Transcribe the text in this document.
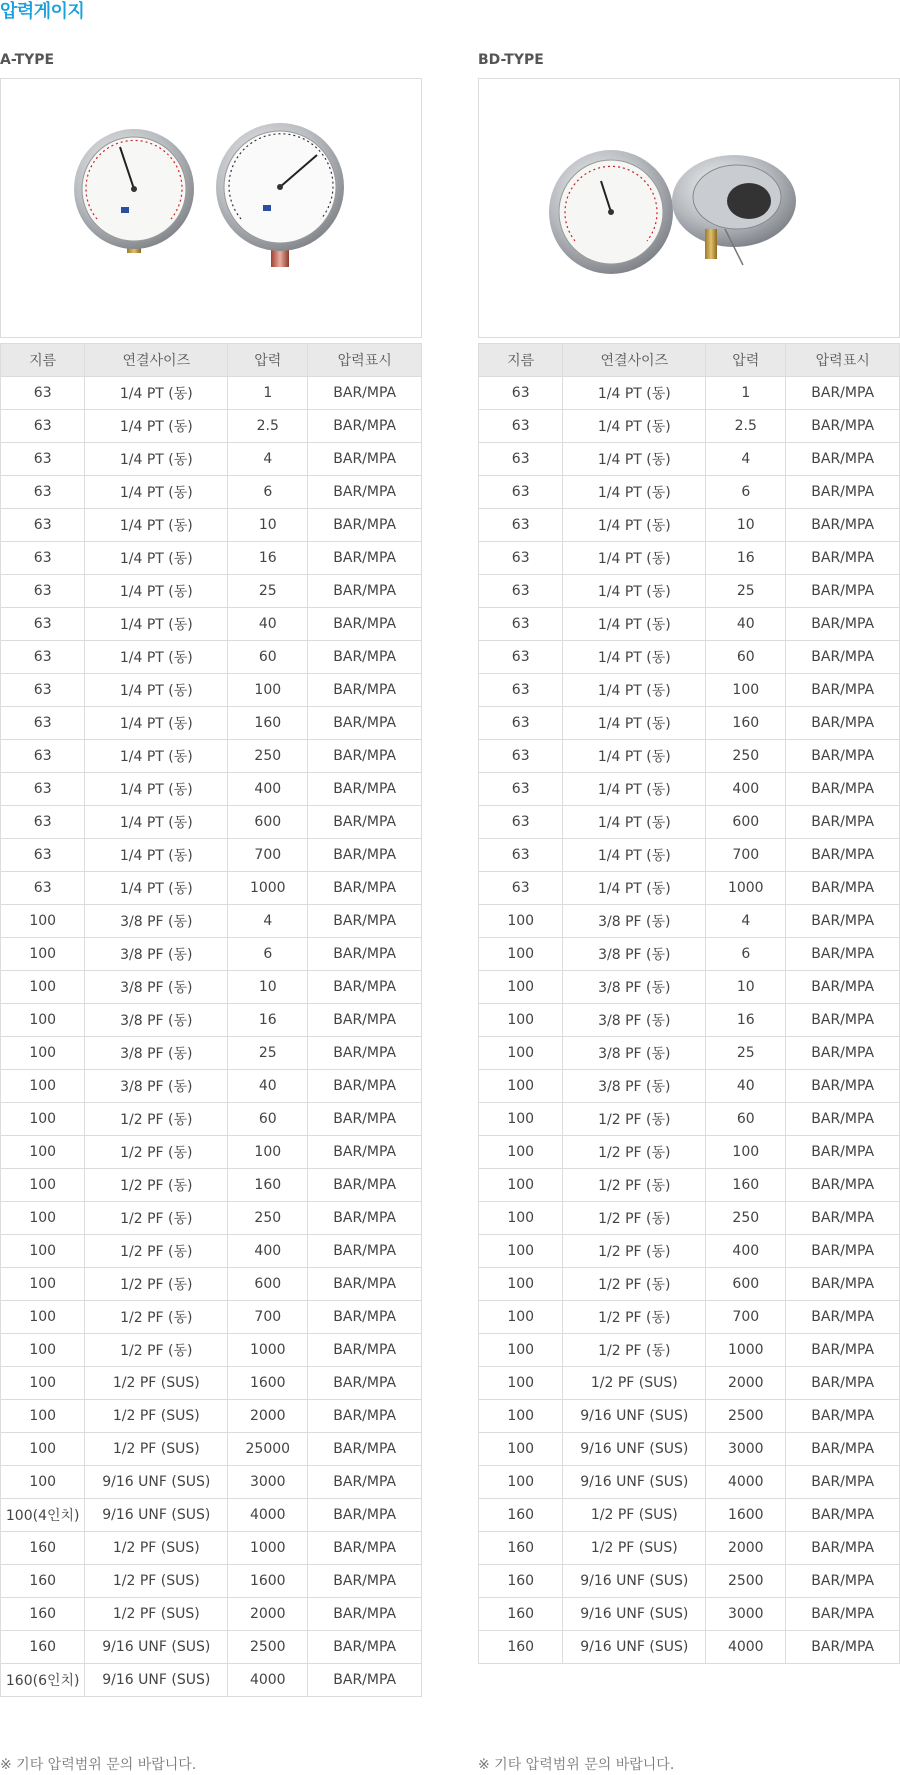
압력게이지
A-TYPE
지름	연결사이즈	압력	압력표시
63	1/4 PT (동)	1	BAR/MPA
63	1/4 PT (동)	2.5	BAR/MPA
63	1/4 PT (동)	4	BAR/MPA
63	1/4 PT (동)	6	BAR/MPA
63	1/4 PT (동)	10	BAR/MPA
63	1/4 PT (동)	16	BAR/MPA
63	1/4 PT (동)	25	BAR/MPA
63	1/4 PT (동)	40	BAR/MPA
63	1/4 PT (동)	60	BAR/MPA
63	1/4 PT (동)	100	BAR/MPA
63	1/4 PT (동)	160	BAR/MPA
63	1/4 PT (동)	250	BAR/MPA
63	1/4 PT (동)	400	BAR/MPA
63	1/4 PT (동)	600	BAR/MPA
63	1/4 PT (동)	700	BAR/MPA
63	1/4 PT (동)	1000	BAR/MPA
100	3/8 PF (동)	4	BAR/MPA
100	3/8 PF (동)	6	BAR/MPA
100	3/8 PF (동)	10	BAR/MPA
100	3/8 PF (동)	16	BAR/MPA
100	3/8 PF (동)	25	BAR/MPA
100	3/8 PF (동)	40	BAR/MPA
100	1/2 PF (동)	60	BAR/MPA
100	1/2 PF (동)	100	BAR/MPA
100	1/2 PF (동)	160	BAR/MPA
100	1/2 PF (동)	250	BAR/MPA
100	1/2 PF (동)	400	BAR/MPA
100	1/2 PF (동)	600	BAR/MPA
100	1/2 PF (동)	700	BAR/MPA
100	1/2 PF (동)	1000	BAR/MPA
100	1/2 PF (SUS)	1600	BAR/MPA
100	1/2 PF (SUS)	2000	BAR/MPA
100	1/2 PF (SUS)	25000	BAR/MPA
100	9/16 UNF (SUS)	3000	BAR/MPA
100(4인치)	9/16 UNF (SUS)	4000	BAR/MPA
160	1/2 PF (SUS)	1000	BAR/MPA
160	1/2 PF (SUS)	1600	BAR/MPA
160	1/2 PF (SUS)	2000	BAR/MPA
160	9/16 UNF (SUS)	2500	BAR/MPA
160(6인치)	9/16 UNF (SUS)	4000	BAR/MPA
※ 기타 압력범위 문의 바랍니다.
BD-TYPE
지름	연결사이즈	압력	압력표시
63	1/4 PT (동)	1	BAR/MPA
63	1/4 PT (동)	2.5	BAR/MPA
63	1/4 PT (동)	4	BAR/MPA
63	1/4 PT (동)	6	BAR/MPA
63	1/4 PT (동)	10	BAR/MPA
63	1/4 PT (동)	16	BAR/MPA
63	1/4 PT (동)	25	BAR/MPA
63	1/4 PT (동)	40	BAR/MPA
63	1/4 PT (동)	60	BAR/MPA
63	1/4 PT (동)	100	BAR/MPA
63	1/4 PT (동)	160	BAR/MPA
63	1/4 PT (동)	250	BAR/MPA
63	1/4 PT (동)	400	BAR/MPA
63	1/4 PT (동)	600	BAR/MPA
63	1/4 PT (동)	700	BAR/MPA
63	1/4 PT (동)	1000	BAR/MPA
100	3/8 PF (동)	4	BAR/MPA
100	3/8 PF (동)	6	BAR/MPA
100	3/8 PF (동)	10	BAR/MPA
100	3/8 PF (동)	16	BAR/MPA
100	3/8 PF (동)	25	BAR/MPA
100	3/8 PF (동)	40	BAR/MPA
100	1/2 PF (동)	60	BAR/MPA
100	1/2 PF (동)	100	BAR/MPA
100	1/2 PF (동)	160	BAR/MPA
100	1/2 PF (동)	250	BAR/MPA
100	1/2 PF (동)	400	BAR/MPA
100	1/2 PF (동)	600	BAR/MPA
100	1/2 PF (동)	700	BAR/MPA
100	1/2 PF (동)	1000	BAR/MPA
100	1/2 PF (SUS)	2000	BAR/MPA
100	9/16 UNF (SUS)	2500	BAR/MPA
100	9/16 UNF (SUS)	3000	BAR/MPA
100	9/16 UNF (SUS)	4000	BAR/MPA
160	1/2 PF (SUS)	1600	BAR/MPA
160	1/2 PF (SUS)	2000	BAR/MPA
160	9/16 UNF (SUS)	2500	BAR/MPA
160	9/16 UNF (SUS)	3000	BAR/MPA
160	9/16 UNF (SUS)	4000	BAR/MPA
※ 기타 압력범위 문의 바랍니다.
